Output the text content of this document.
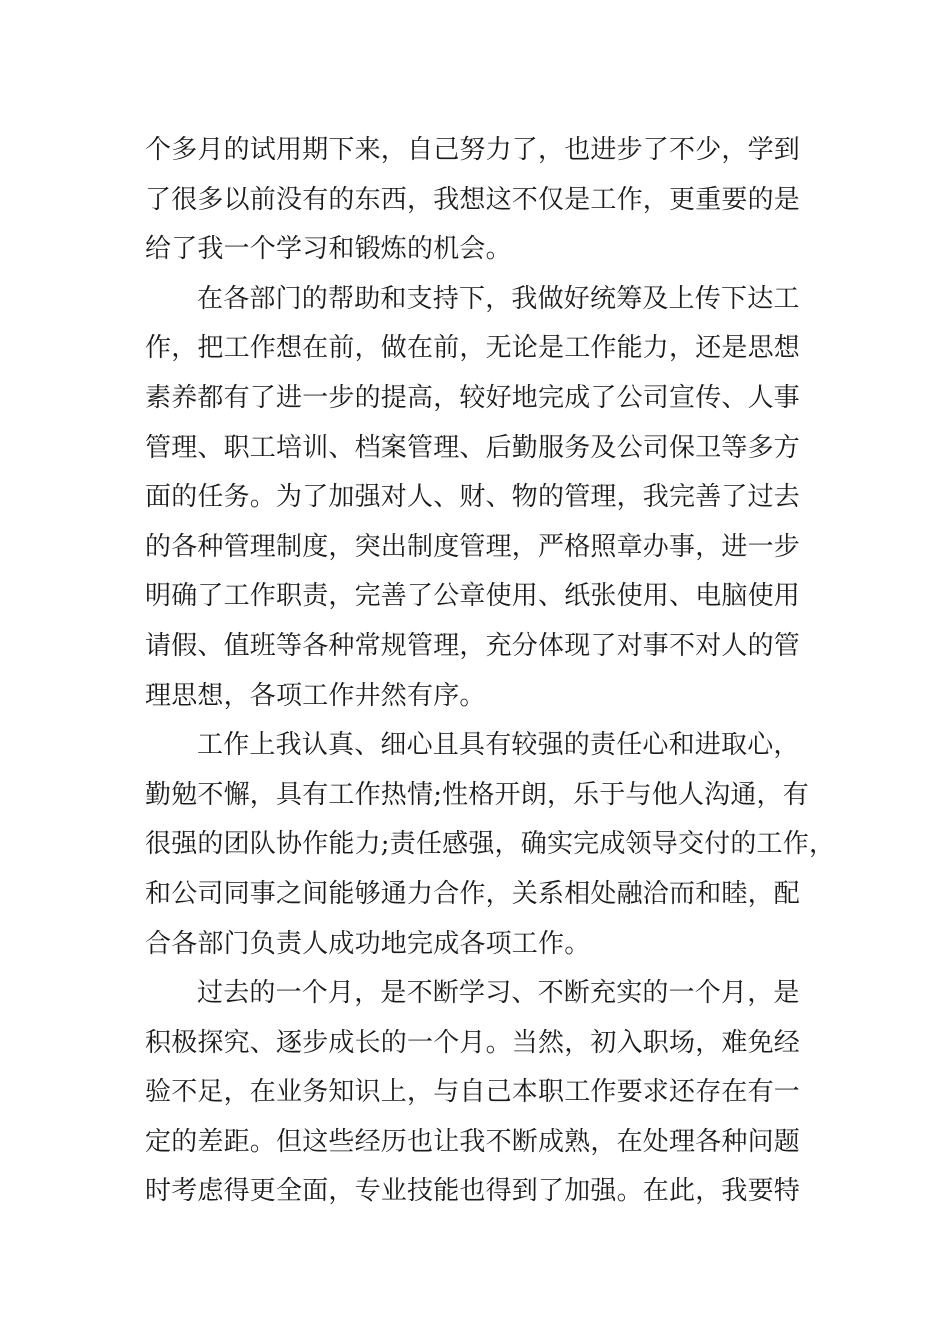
个多月的试用期下来，自己努力了，也进步了不少，学到
了很多以前没有的东西，我想这不仅是工作，更重要的是
给了我一个学习和锻炼的机会。
在各部门的帮助和支持下，我做好统筹及上传下达工
作，把工作想在前，做在前，无论是工作能力，还是思想
素养都有了进一步的提高，较好地完成了公司宣传、人事
管理、职工培训、档案管理、后勤服务及公司保卫等多方
面的任务。为了加强对人、财、物的管理，我完善了过去
的各种管理制度，突出制度管理，严格照章办事，进一步
明确了工作职责，完善了公章使用、纸张使用、电脑使用
请假、值班等各种常规管理，充分体现了对事不对人的管
理思想，各项工作井然有序。
工作上我认真、细心且具有较强的责任心和进取心，
勤勉不懈，具有工作热情;性格开朗，乐于与他人沟通，有
很强的团队协作能力;责任感强，确实完成领导交付的工作，
和公司同事之间能够通力合作，关系相处融洽而和睦，配
合各部门负责人成功地完成各项工作。
过去的一个月，是不断学习、不断充实的一个月，是
积极探究、逐步成长的一个月。当然，初入职场，难免经
验不足，在业务知识上，与自己本职工作要求还存在有一
定的差距。但这些经历也让我不断成熟，在处理各种问题
时考虑得更全面，专业技能也得到了加强。在此，我要特
